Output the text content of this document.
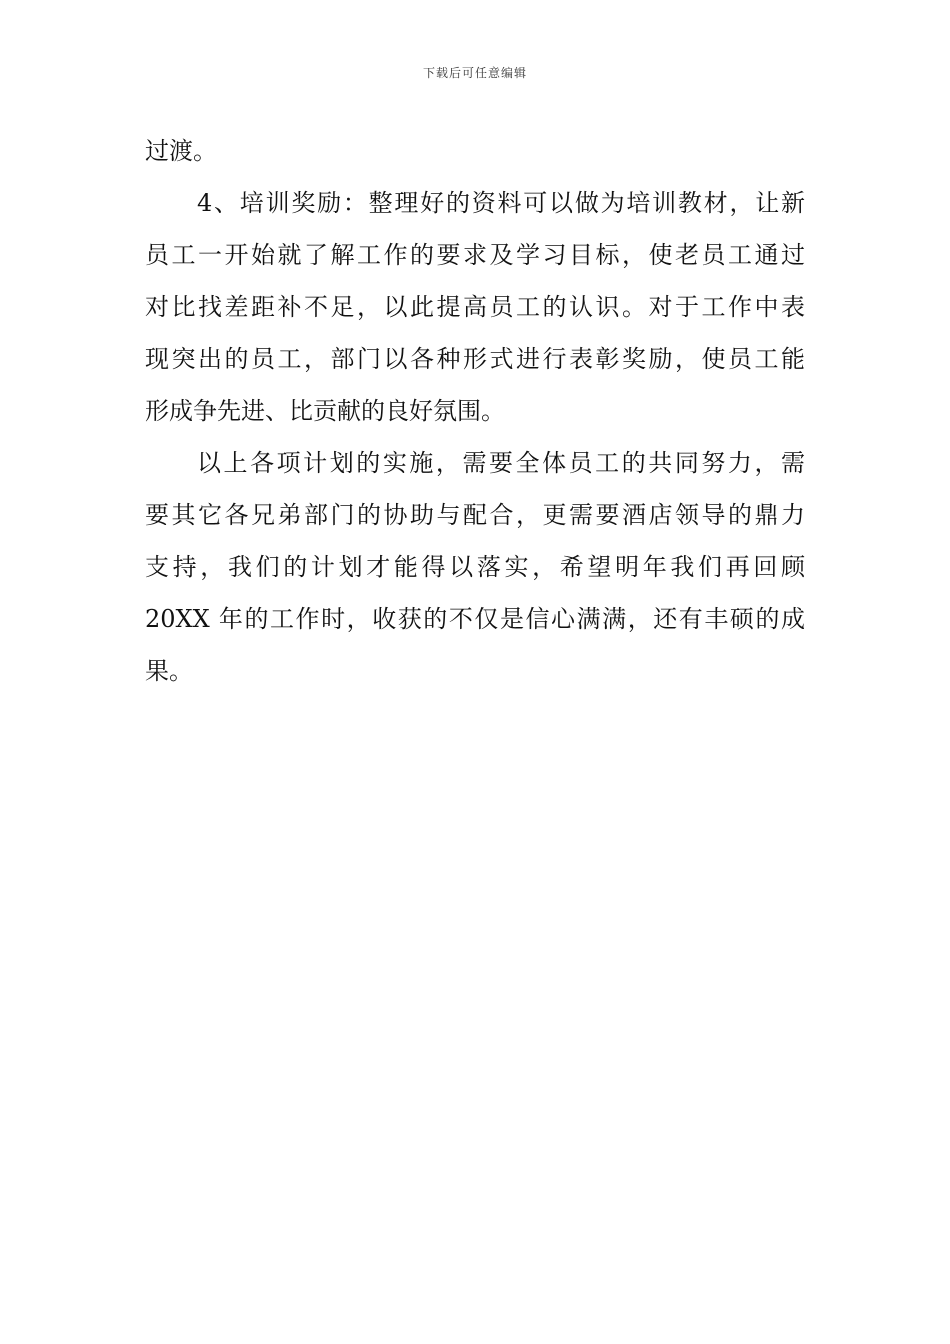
下载后可任意编辑
过渡。
4、培训奖励：整理好的资料可以做为培训教材，让新
员工一开始就了解工作的要求及学习目标，使老员工通过
对比找差距补不足，以此提高员工的认识。对于工作中表
现突出的员工，部门以各种形式进行表彰奖励，使员工能
形成争先进、比贡献的良好氛围。
以上各项计划的实施，需要全体员工的共同努力，需
要其它各兄弟部门的协助与配合，更需要酒店领导的鼎力
支持，我们的计划才能得以落实，希望明年我们再回顾
20XX 年的工作时，收获的不仅是信心满满，还有丰硕的成
果。
